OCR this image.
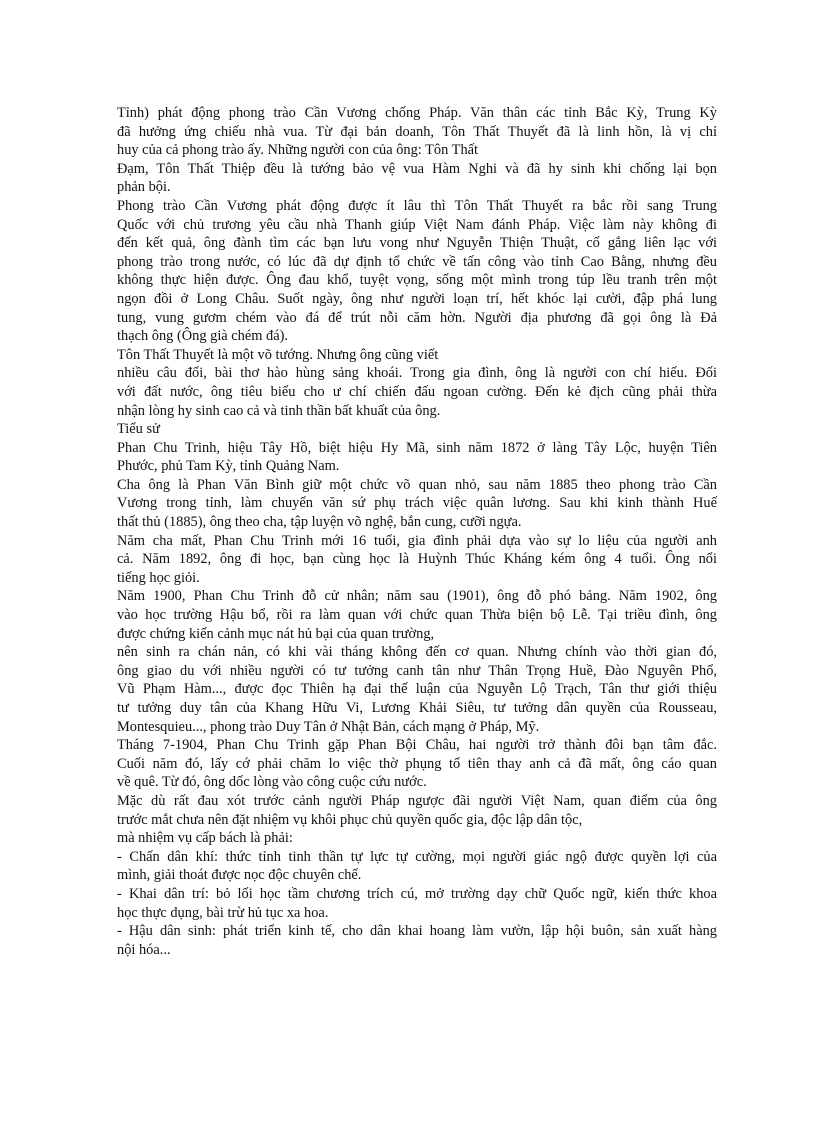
Tỉnh) phát động phong trào Cần Vương chống Pháp. Văn thân các tỉnh Bắc Kỳ, Trung Kỳ
đã hưởng ứng chiếu nhà vua. Từ đại bản doanh, Tôn Thất Thuyết đã là linh hồn, là vị chỉ
huy của cả phong trào ấy. Những người con của ông: Tôn Thất
Đạm, Tôn Thất Thiệp đều là tướng bảo vệ vua Hàm Nghi và đã hy sinh khi chống lại bọn
phản bội.
Phong trào Cần Vương phát động được ít lâu thì Tôn Thất Thuyết ra bắc rồi sang Trung
Quốc với chủ trương yêu cầu nhà Thanh giúp Việt Nam đánh Pháp. Việc làm này không đi
đến kết quả, ông đành tìm các bạn lưu vong như Nguyễn Thiện Thuật, cố gắng liên lạc với
phong trào trong nước, có lúc đã dự định tổ chức về tấn công vào tỉnh Cao Bằng, nhưng đều
không thực hiện được. Ông đau khổ, tuyệt vọng, sống một mình trong túp lều tranh trên một
ngọn đồi ở Long Châu. Suốt ngày, ông như người loạn trí, hết khóc lại cười, đập phá lung
tung, vung gươm chém vào đá để trút nỗi căm hờn. Người địa phương đã gọi ông là Ðả
thạch ông (Ông già chém đá).
Tôn Thất Thuyết là một võ tướng. Nhưng ông cũng viết
nhiều câu đối, bài thơ hào hùng sảng khoái. Trong gia đình, ông là người con chí hiếu. Đối
với đất nước, ông tiêu biểu cho ư chí chiến đấu ngoan cường. Đến kẻ địch cũng phải thừa
nhận lòng hy sinh cao cả và tinh thần bất khuất của ông.
Tiểu sử
Phan Chu Trinh, hiệu Tây Hồ, biệt hiệu Hy Mã, sinh năm 1872 ở làng Tây Lộc, huyện Tiên
Phước, phủ Tam Kỳ, tỉnh Quảng Nam.
Cha ông là Phan Văn Bình giữ một chức võ quan nhỏ, sau năm 1885 theo phong trào Cần
Vương trong tỉnh, làm chuyển văn sứ phụ trách việc quân lương. Sau khi kinh thành Huế
thất thủ (1885), ông theo cha, tập luyện võ nghệ, bắn cung, cưỡi ngựa.
Năm cha mất, Phan Chu Trinh mới 16 tuổi, gia đình phải dựa vào sự lo liệu của người anh
cả. Năm 1892, ông đi học, bạn cùng học là Huỳnh Thúc Kháng kém ông 4 tuổi. Ông nổi
tiếng học giỏi.
Năm 1900, Phan Chu Trinh đỗ cử nhân; năm sau (1901), ông đỗ phó bảng. Năm 1902, ông
vào học trường Hậu bổ, rồi ra làm quan với chức quan Thừa biện bộ Lễ. Tại triều đình, ông
được chứng kiến cảnh mục nát hủ bại của quan trường,
nên sinh ra chán nản, có khi vài tháng không đến cơ quan. Nhưng chính vào thời gian đó,
ông giao du với nhiều người có tư tưởng canh tân như Thân Trọng Huề, Đào Nguyên Phổ,
Vũ Phạm Hàm..., được đọc Thiên hạ đại thế luận của Nguyễn Lộ Trạch, Tân thư giới thiệu
tư tưởng duy tân của Khang Hữu Vi, Lương Khải Siêu, tư tưởng dân quyền của Rousseau,
Montesquieu..., phong trào Duy Tân ở Nhật Bản, cách mạng ở Pháp, Mỹ.
Tháng 7-1904, Phan Chu Trinh gặp Phan Bội Châu, hai người trở thành đôi bạn tâm đắc.
Cuối năm đó, lấy cớ phải chăm lo việc thờ phụng tổ tiên thay anh cả đã mất, ông cáo quan
về quê. Từ đó, ông dốc lòng vào công cuộc cứu nước.
Mặc dù rất đau xót trước cảnh người Pháp ngược đãi người Việt Nam, quan điểm của ông
trước mắt chưa nên đặt nhiệm vụ khôi phục chủ quyền quốc gia, độc lập dân tộc,
mà nhiệm vụ cấp bách là phải:
- Chấn dân khí: thức tỉnh tinh thần tự lực tự cường, mọi người giác ngộ được quyền lợi của
mình, giải thoát được nọc độc chuyên chế.
- Khai dân trí: bỏ lối học tầm chương trích cú, mở trường dạy chữ Quốc ngữ, kiến thức khoa
học thực dụng, bài trừ hủ tục xa hoa.
- Hậu dân sinh: phát triển kinh tế, cho dân khai hoang làm vườn, lập hội buôn, sản xuất hàng
nội hóa...
